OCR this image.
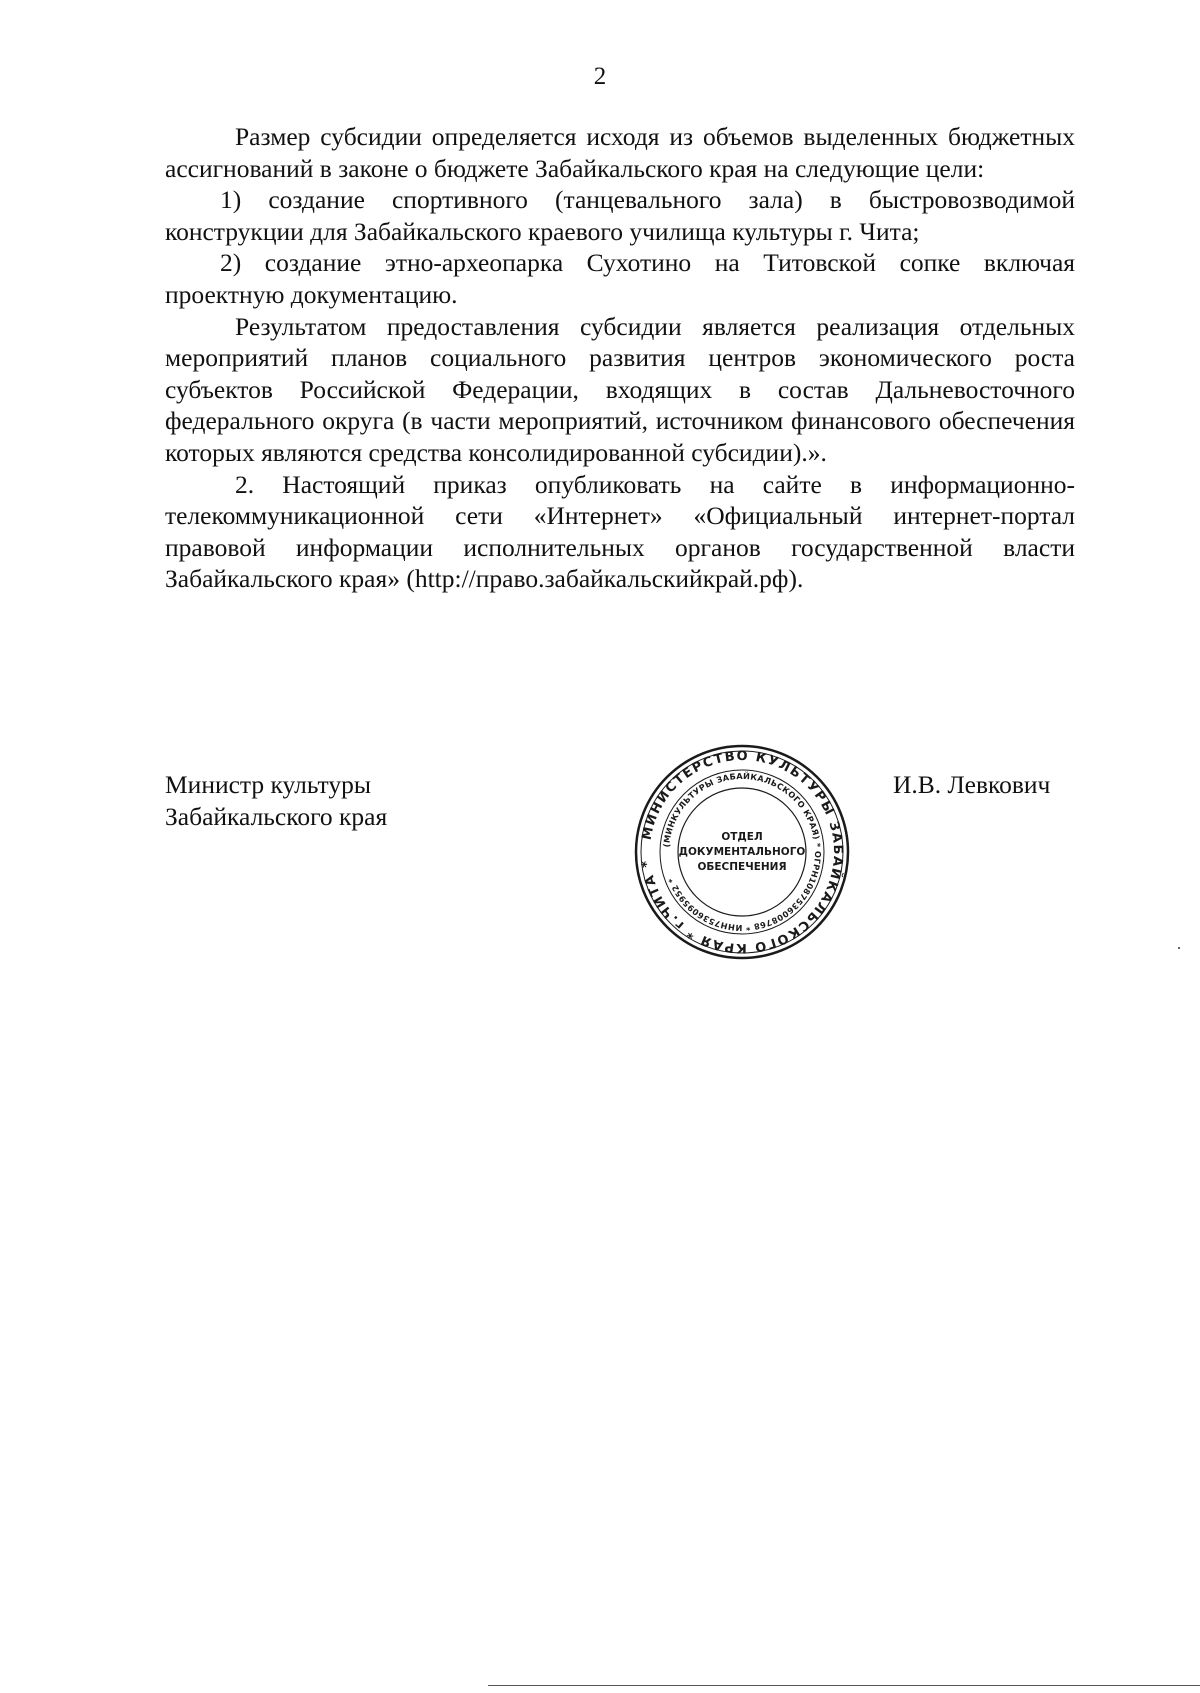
2

Размер субсидии определяется исходя из объемов выделенных бюджетных ассигнований в законе о бюджете Забайкальского края на следующие цели:

1) создание спортивного (танцевального зала) в быстровозводимой конструкции для Забайкальского краевого училища культуры г. Чита;

2) создание этно-археопарка Сухотино на Титовской сопке включая проектную документацию.

Результатом предоставления субсидии является реализация отдельных мероприятий планов социального развития центров экономического роста субъектов Российской Федерации, входящих в состав Дальневосточного федерального округа (в части мероприятий, источником финансового обеспечения которых являются средства консолидированной субсидии).».

2. Настоящий приказ опубликовать на сайте в информационно-телекоммуникационной сети «Интернет» «Официальный интернет-портал правовой информации исполнительных органов государственной власти Забайкальского края» (http://право.забайкальскийкрай.рф).

Министр культуры
Забайкальского края
МИНИСТЕРСТВО КУЛЬТУРЫ ЗАБАЙКАЛЬСКОГО КРАЯ * г.ЧИТА *
(МИНКУЛЬТУРЫ ЗАБАЙКАЛЬСКОГО КРАЯ) * ОГРН1087536008768 * ИНН7536095952 *
ОТДЕЛ
ДОКУМЕНТАЛЬНОГО
ОБЕСПЕЧЕНИЯ
И.В. Левкович
